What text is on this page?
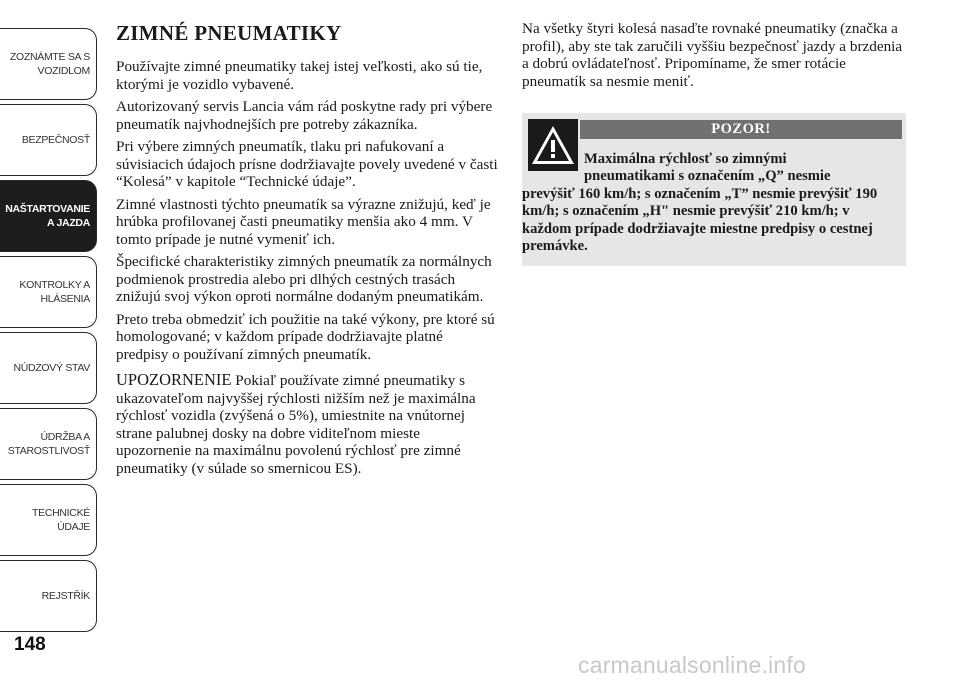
ZOZNÁMTE SA S
VOZIDLOM
BEZPEČNOSŤ
NAŠTARTOVANIE
A JAZDA
KONTROLKY A
HLÁSENIA
NÚDZOVÝ STAV
ÚDRŽBA A
STAROSTLIVOSŤ
TECHNICKÉ
ÚDAJE
REJSTŘÍK
148
ZIMNÉ PNEUMATIKY

Používajte zimné pneumatiky takej istej veľkosti, ako sú tie, ktorými je vozidlo vybavené.

Autorizovaný servis Lancia vám rád poskytne rady pri výbere pneumatík najvhodnejších pre potreby zákazníka.

Pri výbere zimných pneumatík, tlaku pri nafukovaní a súvisiacich údajoch prísne dodržiavajte povely uvedené v časti “Kolesá” v kapitole “Technické údaje”.

Zimné vlastnosti týchto pneumatík sa výrazne znižujú, keď je hrúbka profilovanej časti pneumatiky menšia ako 4 mm. V tomto prípade je nutné vymeniť ich.

Špecifické charakteristiky zimných pneumatík za normálnych podmienok prostredia alebo pri dlhých cestných trasách znižujú svoj výkon oproti normálne dodaným pneumatikám.

Preto treba obmedziť ich použitie na také výkony, pre ktoré sú homologované; v každom prípade dodržiavajte platné predpisy o používaní zimných pneumatík.

UPOZORNENIE Pokiaľ používate zimné pneumatiky s ukazovateľom najvyššej rýchlosti nižším než je maximálna rýchlosť vozidla (zvýšená o 5%), umiestnite na vnútornej strane palubnej dosky na dobre viditeľnom mieste upozornenie na maximálnu povolenú rýchlosť pre zimné pneumatiky (v súlade so smernicou ES).

Na všetky štyri kolesá nasaďte rovnaké pneumatiky (značka a profil), aby ste tak zaručili vyššiu bezpečnosť jazdy a brzdenia a dobrú ovládateľnosť. Pripomíname, že smer rotácie pneumatík sa nesmie meniť.

POZOR!
Maximálna rýchlosť so zimnými
pneumatikami s označením „Q” nesmie
prevýšiť 160 km/h; s označením „T” nesmie prevýšiť 190 km/h; s označením „H" nesmie prevýšiť 210 km/h; v každom prípade dodržiavajte miestne predpisy o cestnej premávke.
carmanualsonline.info
